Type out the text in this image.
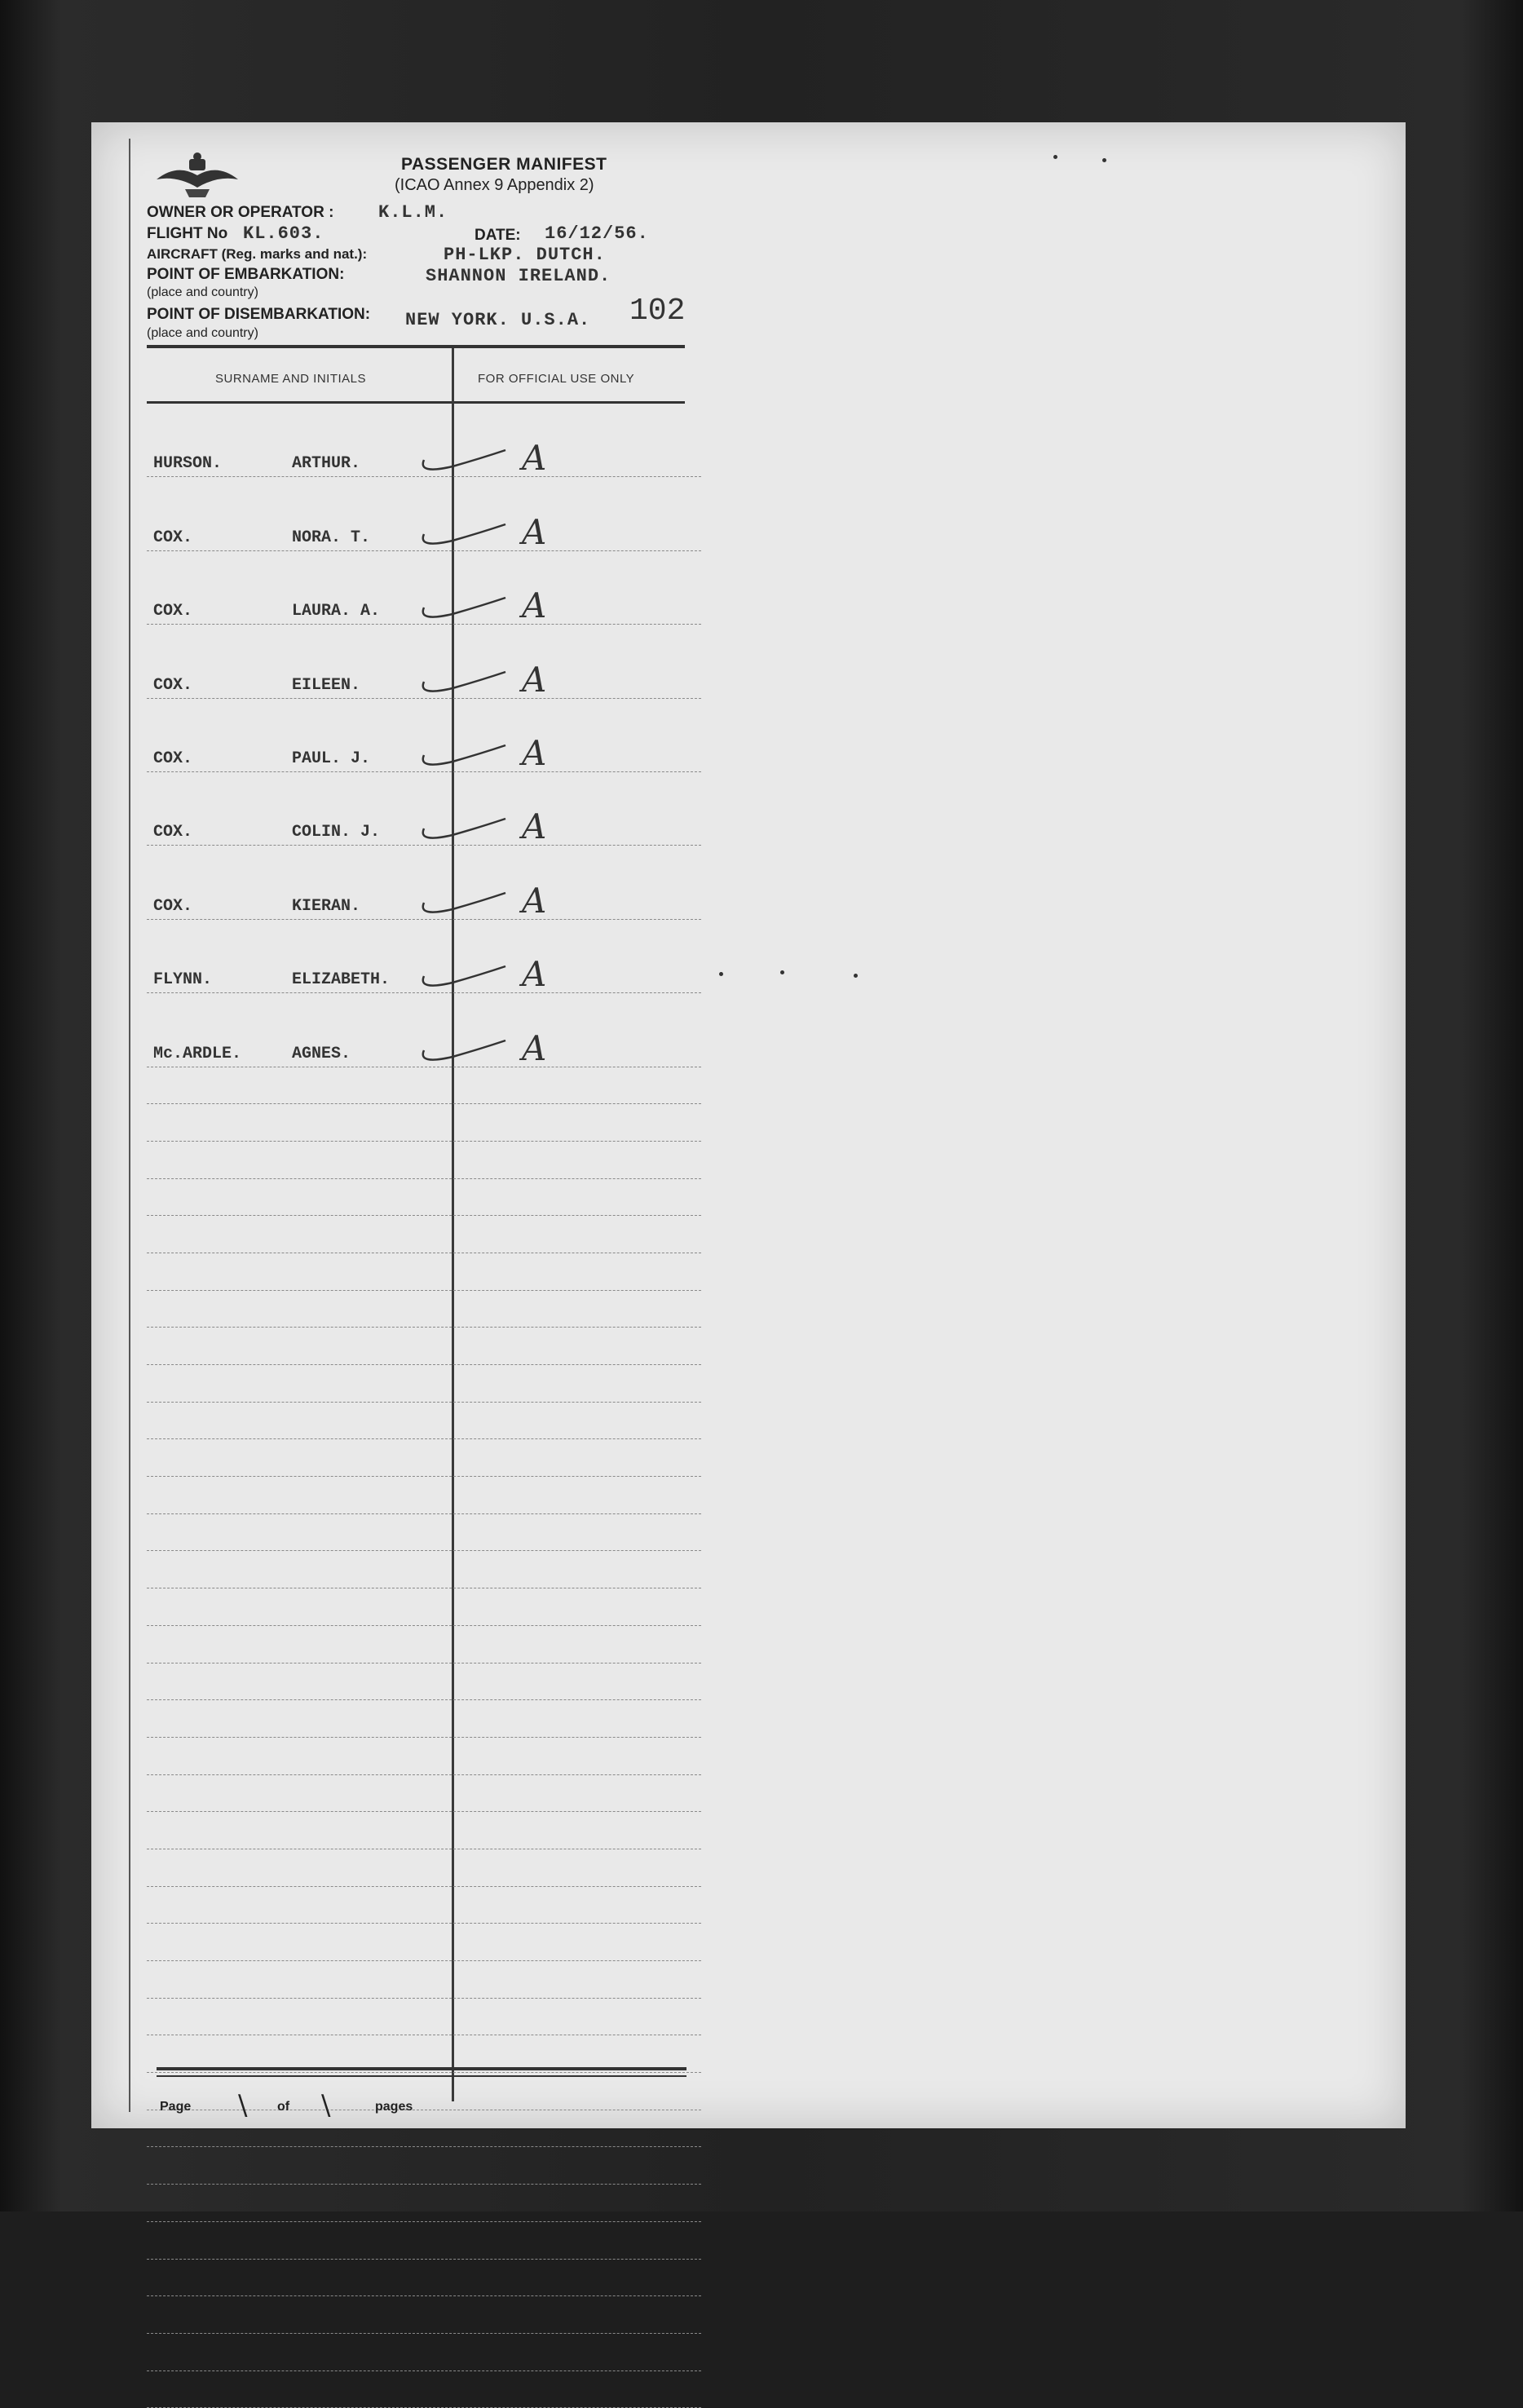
PASSENGER MANIFEST
(ICAO Annex 9 Appendix 2)
OWNER OR OPERATOR : K.L.M.
FLIGHT No KL.603.	DATE: 16/12/56.
AIRCRAFT (Reg. marks and nat.):	PH-LKP. DUTCH.
POINT OF EMBARKATION:
(place and country)
SHANNON IRELAND.
POINT OF DISEMBARKATION:
(place and country)
NEW YORK. U.S.A. 102
SURNAME AND INITIALS	FOR OFFICIAL USE ONLY
HURSON.	ARTHUR.	A
COX.	NORA. T.	A
COX.	LAURA. A.	A
COX.	EILEEN.	A
COX.	PAUL. J.	A
COX.	COLIN. J.	A
COX.	KIERAN.	A
FLYNN.	ELIZABETH.	A
Mc.ARDLE.	AGNES.	A
Page \ of \	pages
